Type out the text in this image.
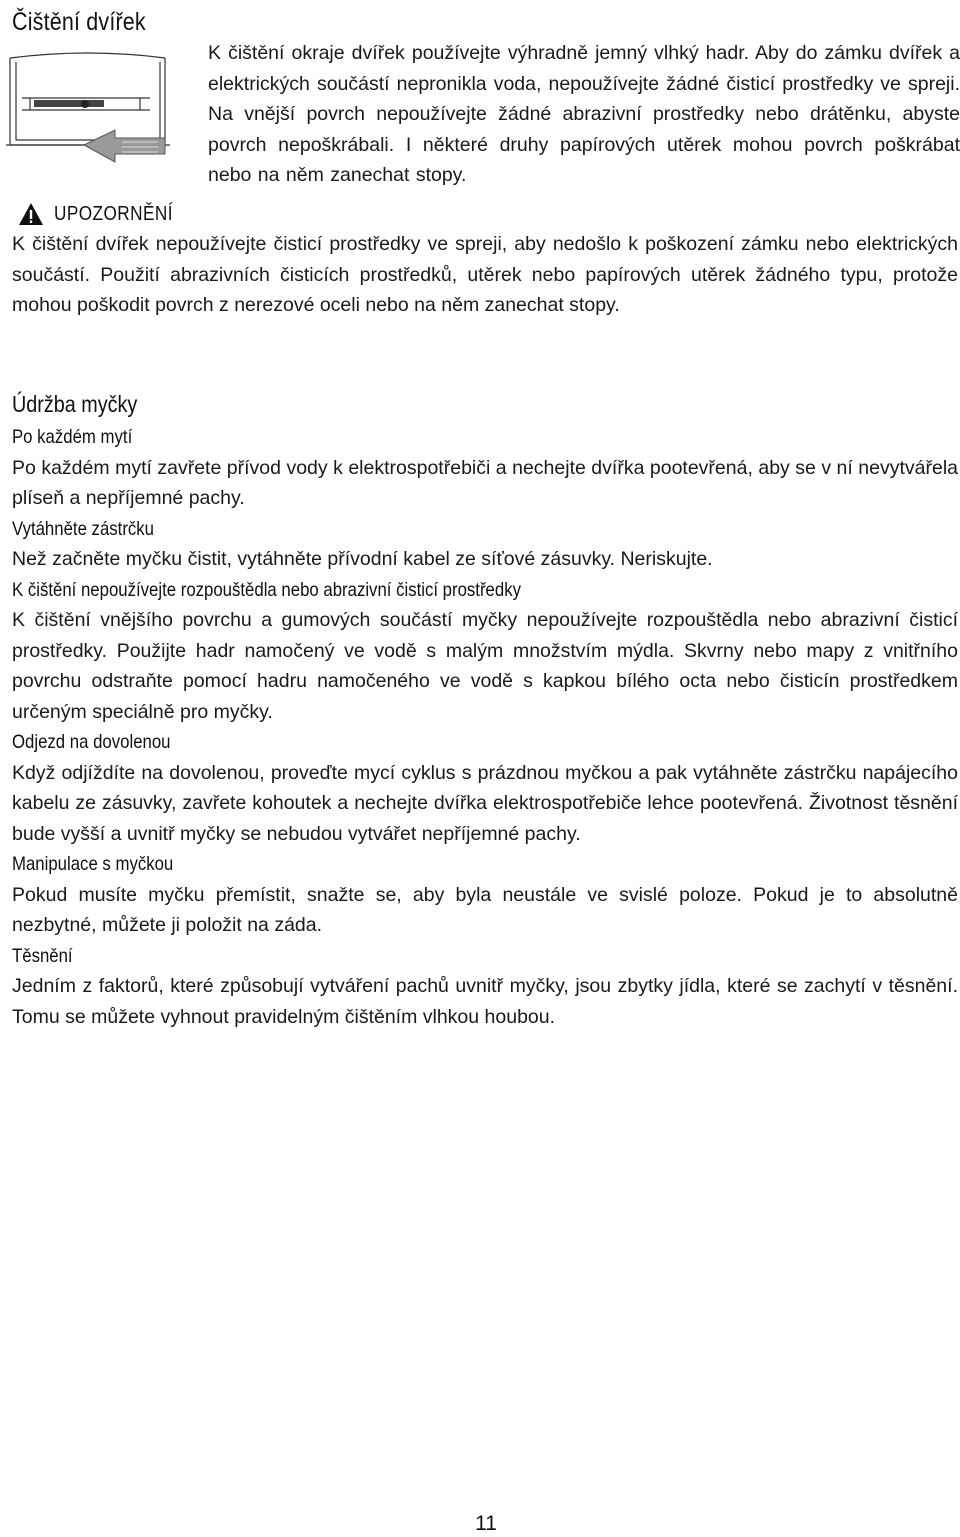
Čištění dvířek
K čištění okraje dvířek používejte výhradně jemný vlhký hadr. Aby do zámku dvířek a elektrických součástí nepronikla voda, nepoužívejte žádné čisticí prostředky ve spreji. Na vnější povrch nepoužívejte žádné abrazivní prostředky nebo drátěnku, abyste povrch nepoškrábali. I některé druhy papírových utěrek mohou povrch poškrábat nebo na něm zanechat stopy.
UPOZORNĚNÍ
K čištění dvířek nepoužívejte čisticí prostředky ve spreji, aby nedošlo k poškození zámku nebo elektrických součástí. Použití abrazivních čisticích prostředků, utěrek nebo papírových utěrek žádného typu, protože mohou poškodit povrch z nerezové oceli nebo na něm zanechat stopy.
Údržba myčky
Po každém mytí
Po každém mytí zavřete přívod vody k elektrospotřebiči a nechejte dvířka pootevřená, aby se v ní nevytvářela plíseň a nepříjemné pachy.
Vytáhněte zástrčku
Než začněte myčku čistit, vytáhněte přívodní kabel ze síťové zásuvky. Neriskujte.
K čištění nepoužívejte rozpouštědla nebo abrazivní čisticí prostředky
K čištění vnějšího povrchu a gumových součástí myčky nepoužívejte rozpouštědla nebo abrazivní čisticí prostředky. Použijte hadr namočený ve vodě s malým množstvím mýdla. Skvrny nebo mapy z vnitřního povrchu odstraňte pomocí hadru namočeného ve vodě s kapkou bílého octa nebo čisticín prostředkem určeným speciálně pro myčky.
Odjezd na dovolenou
Když odjíždíte na dovolenou, proveďte mycí cyklus s prázdnou myčkou a pak vytáhněte zástrčku napájecího kabelu ze zásuvky, zavřete kohoutek a nechejte dvířka elektrospotřebiče lehce pootevřená. Životnost těsnění bude vyšší a uvnitř myčky se nebudou vytvářet nepříjemné pachy.
Manipulace s myčkou
Pokud musíte myčku přemístit, snažte se, aby byla neustále ve svislé poloze. Pokud je to absolutně nezbytné, můžete ji položit na záda.
Těsnění
Jedním z faktorů, které způsobují vytváření pachů uvnitř myčky, jsou zbytky jídla, které se zachytí v těsnění. Tomu se můžete vyhnout pravidelným čištěním vlhkou houbou.
11
